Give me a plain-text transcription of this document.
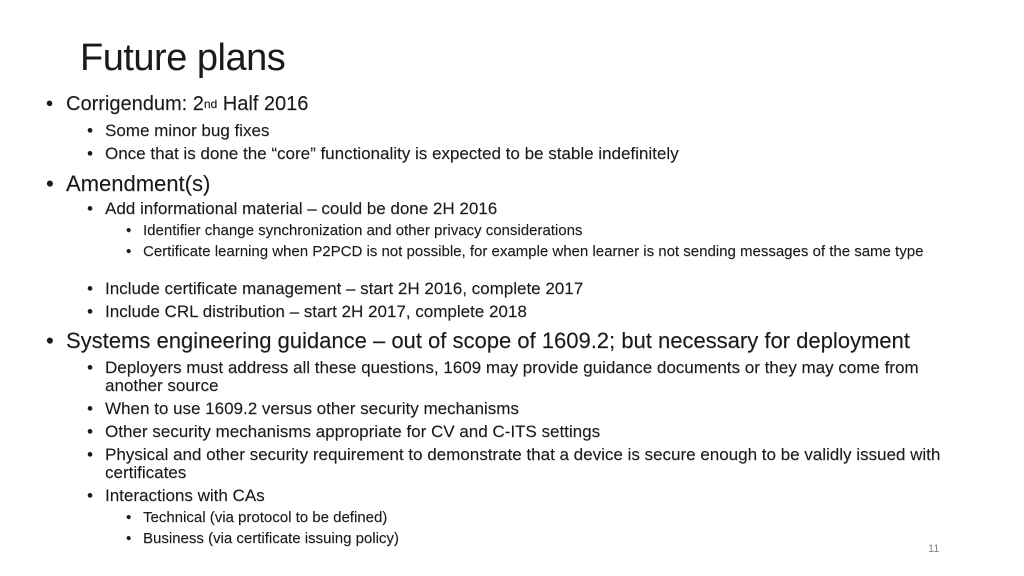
Future plans
• Corrigendum: 2nd Half 2016
• Some minor bug fixes
• Once that is done the “core” functionality is expected to be stable indefinitely
• Amendment(s)
• Add informational material – could be done 2H 2016
• Identifier change synchronization and other privacy considerations
• Certificate learning when P2PCD is not possible, for example when learner is not sending messages of the same type
• Include certificate management – start 2H 2016, complete 2017
• Include CRL distribution – start 2H 2017, complete 2018
• Systems engineering guidance – out of scope of 1609.2; but necessary for deployment
• Deployers must address all these questions, 1609 may provide guidance documents or they may come from another source
• When to use 1609.2 versus other security mechanisms
• Other security mechanisms appropriate for CV and C-ITS settings
• Physical and other security requirement to demonstrate that a device is secure enough to be validly issued with certificates
• Interactions with CAs
• Technical (via protocol to be defined)
• Business (via certificate issuing policy)
11
